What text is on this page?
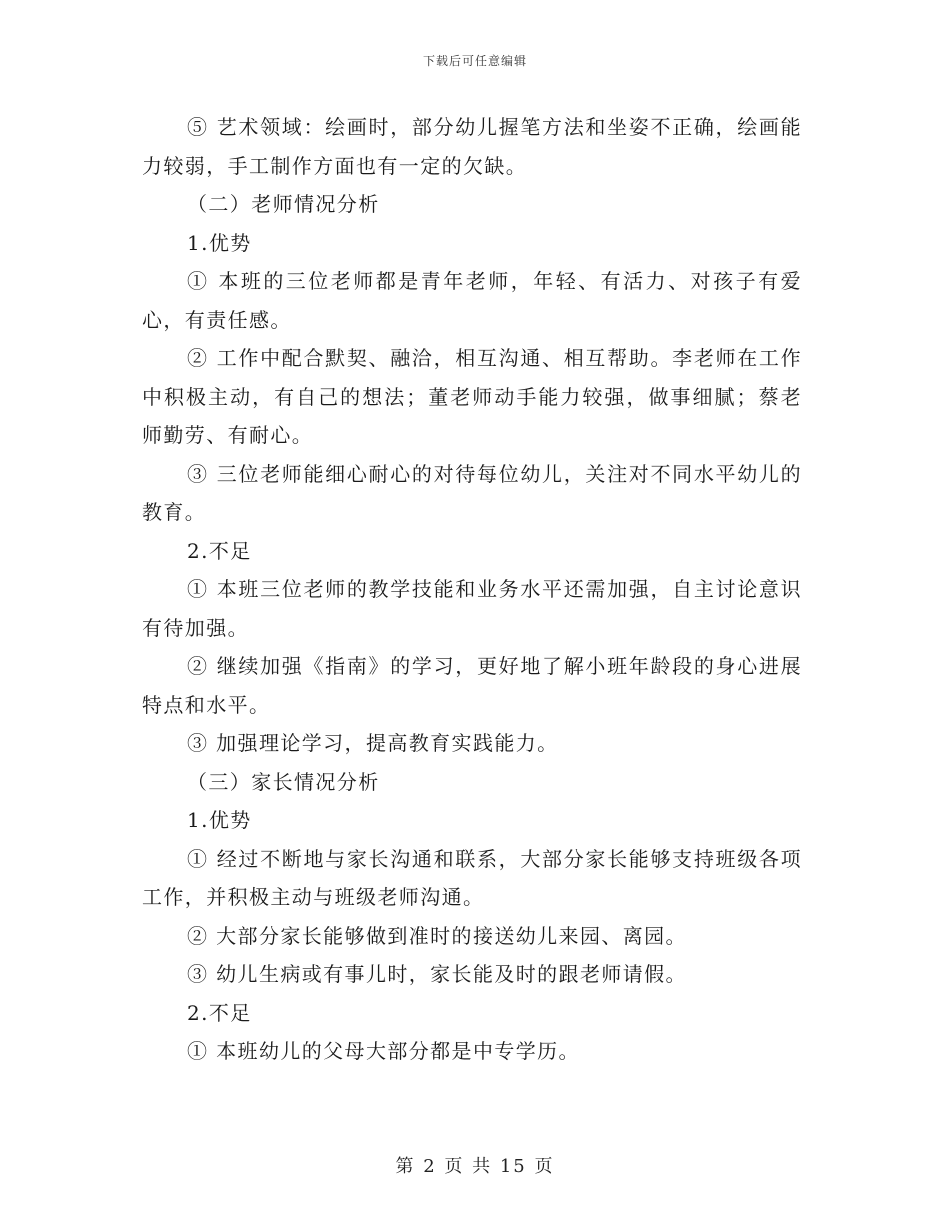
下载后可任意编辑

⑤ 艺术领域：绘画时，部分幼儿握笔方法和坐姿不正确，绘画能力较弱，手工制作方面也有一定的欠缺。

（二）老师情况分析

1.优势

① 本班的三位老师都是青年老师，年轻、有活力、对孩子有爱心，有责任感。

② 工作中配合默契、融洽，相互沟通、相互帮助。李老师在工作中积极主动，有自己的想法；董老师动手能力较强，做事细腻；蔡老师勤劳、有耐心。

③ 三位老师能细心耐心的对待每位幼儿，关注对不同水平幼儿的教育。

2.不足

① 本班三位老师的教学技能和业务水平还需加强，自主讨论意识有待加强。

② 继续加强《指南》的学习，更好地了解小班年龄段的身心进展特点和水平。

③ 加强理论学习，提高教育实践能力。

（三）家长情况分析

1.优势

① 经过不断地与家长沟通和联系，大部分家长能够支持班级各项工作，并积极主动与班级老师沟通。

② 大部分家长能够做到准时的接送幼儿来园、离园。

③ 幼儿生病或有事儿时，家长能及时的跟老师请假。

2.不足

① 本班幼儿的父母大部分都是中专学历。

第 2 页 共 15 页
